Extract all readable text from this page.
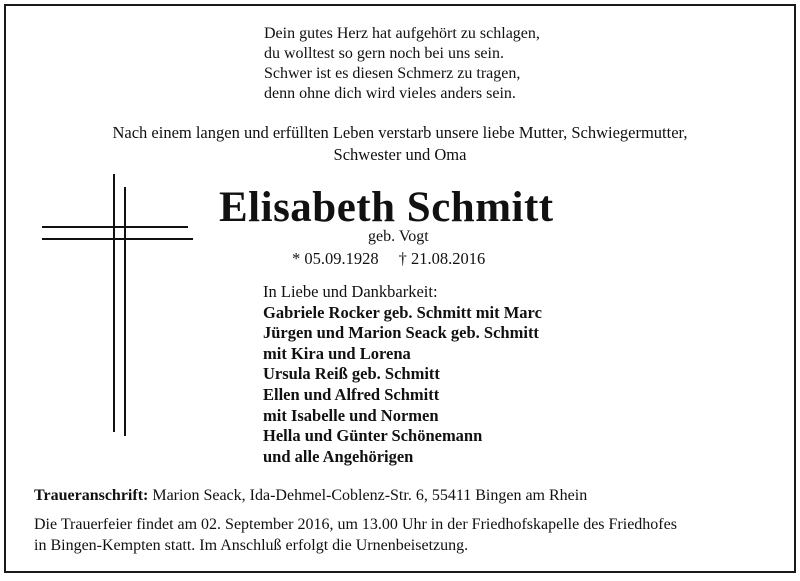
Dein gutes Herz hat aufgehört zu schlagen,
du wolltest so gern noch bei uns sein.
Schwer ist es diesen Schmerz zu tragen,
denn ohne dich wird vieles anders sein.
Nach einem langen und erfüllten Leben verstarb unsere liebe Mutter, Schwiegermutter,
Schwester und Oma
Elisabeth Schmitt
geb. Vogt
* 05.09.1928 † 21.08.2016
In Liebe und Dankbarkeit:
Gabriele Rocker geb. Schmitt mit Marc
Jürgen und Marion Seack geb. Schmitt
mit Kira und Lorena
Ursula Reiß geb. Schmitt
Ellen und Alfred Schmitt
mit Isabelle und Normen
Hella und Günter Schönemann
und alle Angehörigen
Traueranschrift: Marion Seack, Ida-Dehmel-Coblenz-Str. 6, 55411 Bingen am Rhein
Die Trauerfeier findet am 02. September 2016, um 13.00 Uhr in der Friedhofskapelle des Friedhofes
in Bingen-Kempten statt. Im Anschluß erfolgt die Urnenbeisetzung.
